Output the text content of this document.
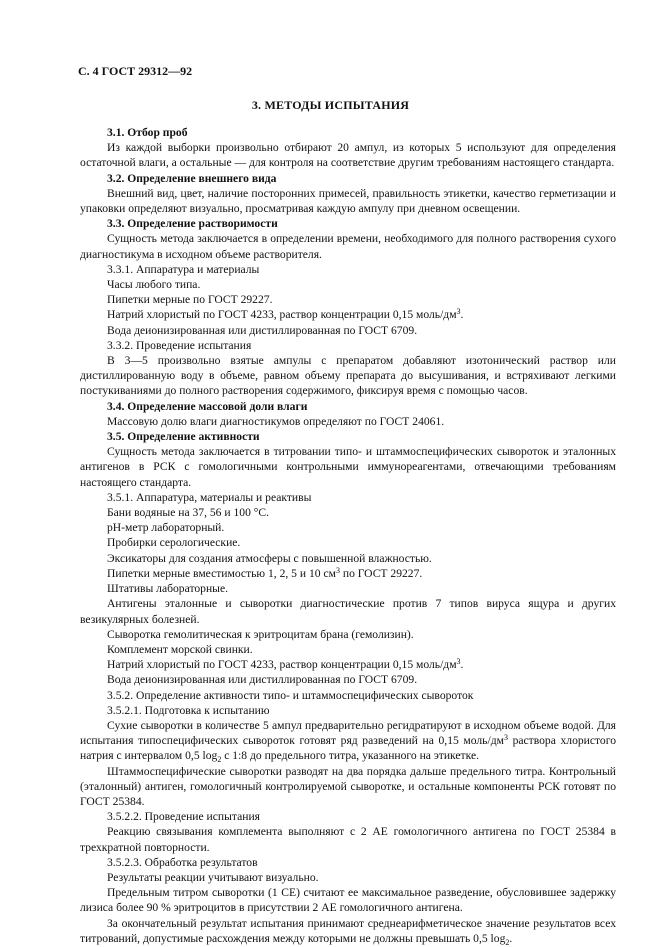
С. 4 ГОСТ 29312—92
3. МЕТОДЫ ИСПЫТАНИЯ

3.1. Отбор проб

Из каждой выборки произвольно отбирают 20 ампул, из которых 5 используют для определения остаточной влаги, а остальные — для контроля на соответствие другим требованиям настоящего стандарта.

3.2. Определение внешнего вида

Внешний вид, цвет, наличие посторонних примесей, правильность этикетки, качество герметизации и упаковки определяют визуально, просматривая каждую ампулу при дневном освещении.

3.3. Определение растворимости

Сущность метода заключается в определении времени, необходимого для полного растворения сухого диагностикума в исходном объеме растворителя.

3.3.1. Аппаратура и материалы

Часы любого типа.

Пипетки мерные по ГОСТ 29227.

Натрий хлористый по ГОСТ 4233, раствор концентрации 0,15 моль/$дм^3$.

Вода деионизированная или дистиллированная по ГОСТ 6709.

3.3.2. Проведение испытания

В 3—5 произвольно взятые ампулы с препаратом добавляют изотонический раствор или дистиллированную воду в объеме, равном объему препарата до высушивания, и встряхивают легкими постукиваниями до полного растворения содержимого, фиксируя время с помощью часов.

3.4. Определение массовой доли влаги

Массовую долю влаги диагностикумов определяют по ГОСТ 24061.

3.5. Определение активности

Сущность метода заключается в титровании типо- и штаммоспецифических сывороток и эталонных антигенов в РСК с гомологичными контрольными иммунореагентами, отвечающими требованиям настоящего стандарта.

3.5.1. Аппаратура, материалы и реактивы

Бани водяные на 37, 56 и 100 °С.

рН-метр лабораторный.

Пробирки серологические.

Эксикаторы для создания атмосферы с повышенной влажностью.

Пипетки мерные вместимостью 1, 2, 5 и 10 $см^3$ по ГОСТ 29227.

Штативы лабораторные.

Антигены эталонные и сыворотки диагностические против 7 типов вируса ящура и других везикулярных болезней.

Сыворотка гемолитическая к эритроцитам брана (гемолизин).

Комплемент морской свинки.

Натрий хлористый по ГОСТ 4233, раствор концентрации 0,15 моль/$дм^3$.

Вода деионизированная или дистиллированная по ГОСТ 6709.

3.5.2. Определение активности типо- и штаммоспецифических сывороток

3.5.2.1. Подготовка к испытанию

Сухие сыворотки в количестве 5 ампул предварительно регидратируют в исходном объеме водой. Для испытания типоспецифических сывороток готовят ряд разведений на 0,15 моль/$дм^3$ раствора хлористого натрия с интервалом 0,5 $\log_2 с$ 1:8 до предельного титра, указанного на этикетке.

Штаммоспецифические сыворотки разводят на два порядка дальше предельного титра. Контрольный (эталонный) антиген, гомологичный контролируемой сыворотке, и остальные компоненты РСК готовят по ГОСТ 25384.

3.5.2.2. Проведение испытания

Реакцию связывания комплемента выполняют с 2 АЕ гомологичного антигена по ГОСТ 25384 в трехкратной повторности.

3.5.2.3. Обработка результатов

Результаты реакции учитывают визуально.

Предельным титром сыворотки (1 СЕ) считают ее максимальное разведение, обусловившее задержку лизиса более 90 % эритроцитов в присутствии 2 АЕ гомологичного антигена.

За окончательный результат испытания принимают среднеарифметическое значение результатов всех титрований, допустимые расхождения между которыми не должны превышать 0,5 $\log_2$.
